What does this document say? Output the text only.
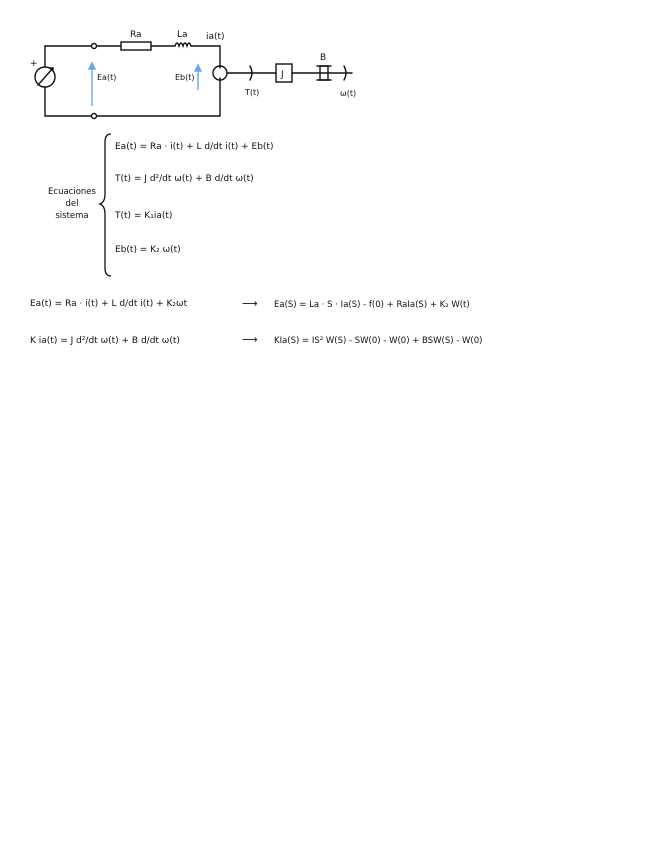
+
Ra	La ia(t)
Ea(t)	Eb(t)	J
B
T(t)	ω(t)
Ecuaciones
del
sistema
Ea(t) = Ra · i(t) + L d/dt i(t) + Eb(t)
T(t) = J d²/dt ω(t) + B d/dt ω(t)
T(t) = K₁ia(t)
Eb(t) = K₂ ω(t)
Ea(t) = Ra · i(t) + L d/dt i(t) + K₂ωt	⟶ Ea(S) = La · S · Ia(S) - f(0) + RaIa(S) + K₂ W(t)
K ia(t) = J d²/dt ω(t) + B d/dt ω(t)	⟶ KIa(S) = IS² W(S) - SW(0) - W(0) + BSW(S) - W(0)
